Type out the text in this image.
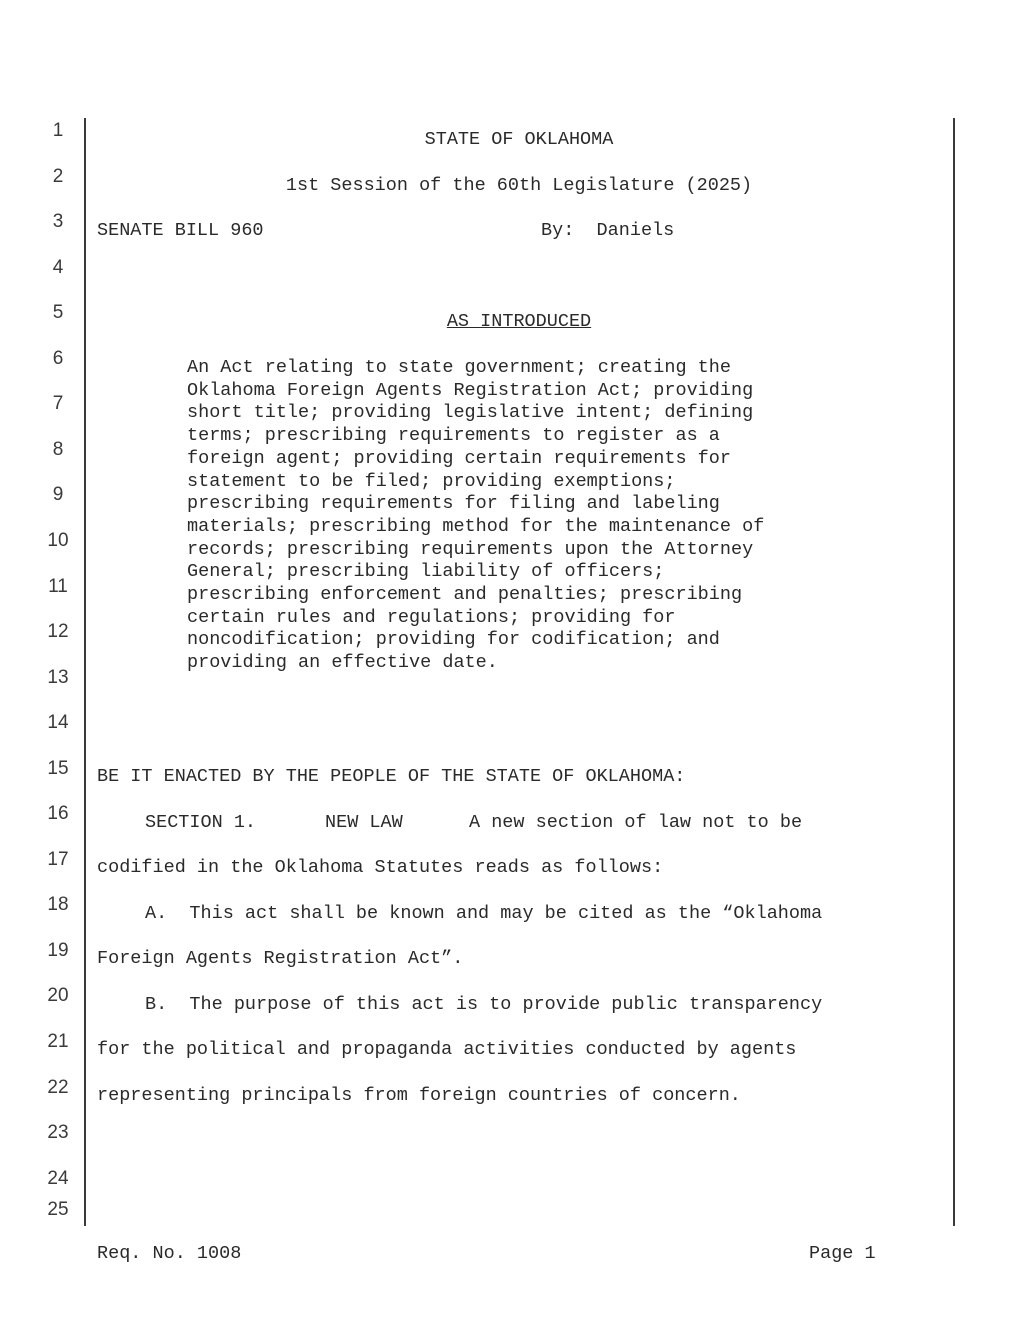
1
2
3
4
5
6
7
8
9
10
11
12
13
14
15
16
17
18
19
20
21
22
23
24
25
STATE OF OKLAHOMA
1st Session of the 60th Legislature (2025)
SENATE BILL 960	By: Daniels
AS INTRODUCED
An Act relating to state government; creating the
Oklahoma Foreign Agents Registration Act; providing
short title; providing legislative intent; defining
terms; prescribing requirements to register as a
foreign agent; providing certain requirements for
statement to be filed; providing exemptions;
prescribing requirements for filing and labeling
materials; prescribing method for the maintenance of
records; prescribing requirements upon the Attorney
General; prescribing liability of officers;
prescribing enforcement and penalties; prescribing
certain rules and regulations; providing for
noncodification; providing for codification; and
providing an effective date.
BE IT ENACTED BY THE PEOPLE OF THE STATE OF OKLAHOMA:
SECTION 1.	NEW LAW	A new section of law not to be
codified in the Oklahoma Statutes reads as follows:
A.  This act shall be known and may be cited as the “Oklahoma
Foreign Agents Registration Act”.
B.  The purpose of this act is to provide public transparency
for the political and propaganda activities conducted by agents
representing principals from foreign countries of concern.
Req. No. 1008	Page 1
